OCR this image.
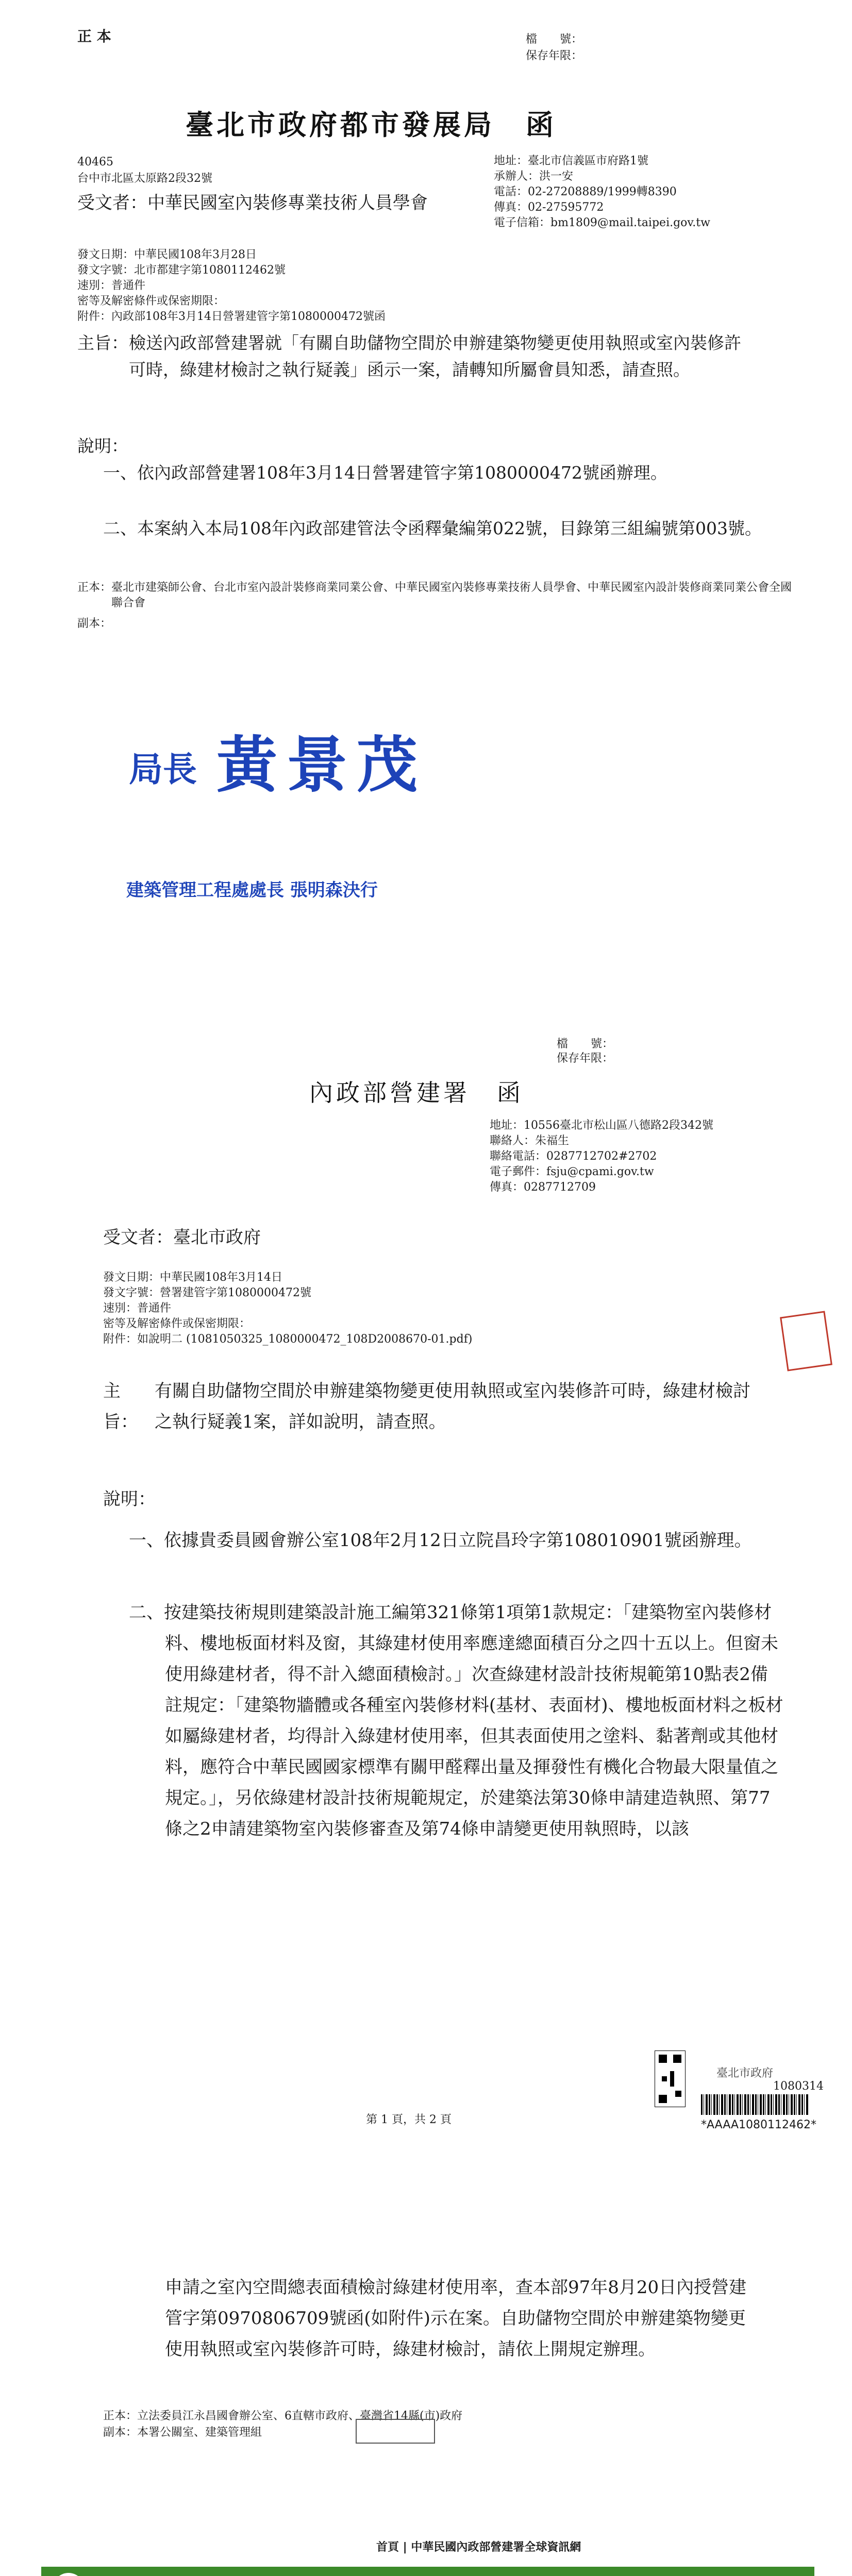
正 本	檔　　號：
保存年限：
臺北市政府都市發展局　函
40465
台中市北區太原路2段32號
地址：臺北市信義區市府路1號
承辦人：洪一安
電話：02-27208889/1999轉8390
傳真：02-27595772
電子信箱：bm1809@mail.taipei.gov.tw
受文者：中華民國室內裝修專業技術人員學會
發文日期：中華民國108年3月28日
發文字號：北市都建字第1080112462號
速別：普通件
密等及解密條件或保密期限：
附件：內政部108年3月14日營署建管字第1080000472號函
主旨： 檢送內政部營建署就「有關自助儲物空間於申辦建築物變更使用執照或室內裝修許可時，綠建材檢討之執行疑義」函示一案，請轉知所屬會員知悉，請查照。
說明：
一、依內政部營建署108年3月14日營署建管字第1080000472號函辦理。
二、本案納入本局108年內政部建管法令函釋彙編第022號，目錄第三組編號第003號。
正本：臺北市建築師公會、台北市室內設計裝修商業同業公會、中華民國室內裝修專業技術人員學會、中華民國室內設計裝修商業同業公會全國聯合會
副本：
局長 黃景茂
建築管理工程處處長 張明森決行
檔　　號：
保存年限：
內政部營建署　函
地址：10556臺北市松山區八德路2段342號
聯絡人：朱福生
聯絡電話：0287712702#2702
電子郵件：fsju@cpami.gov.tw
傳真：0287712709
受文者：臺北市政府
發文日期：中華民國108年3月14日
發文字號：營署建管字第1080000472號
速別：普通件
密等及解密條件或保密期限：
附件：如說明二 (1081050325_1080000472_108D2008670-01.pdf)
主旨：
有關自助儲物空間於申辦建築物變更使用執照或室內裝修許可時，綠建材檢討之執行疑義1案，詳如說明，請查照。
說明：
一、依據貴委員國會辦公室108年2月12日立院昌玲字第108010901號函辦理。
二、按建築技術規則建築設計施工編第321條第1項第1款規定：「建築物室內裝修材料、樓地板面材料及窗，其綠建材使用率應達總面積百分之四十五以上。但窗未使用綠建材者，得不計入總面積檢討。」次查綠建材設計技術規範第10點表2備註規定：「建築物牆體或各種室內裝修材料(基材、表面材)、樓地板面材料之板材如屬綠建材者，均得計入綠建材使用率，但其表面使用之塗料、黏著劑或其他材料，應符合中華民國國家標準有關甲醛釋出量及揮發性有機化合物最大限量值之規定。」，另依綠建材設計技術規範規定，於建築法第30條申請建造執照、第77條之2申請建築物室內裝修審查及第74條申請變更使用執照時，以該
臺北市政府
1080314
*AAAA1080112462*
第 1 頁，共 2 頁
申請之室內空間總表面積檢討綠建材使用率，查本部97年8月20日內授營建管字第0970806709號函(如附件)示在案。自助儲物空間於申辦建築物變更使用執照或室內裝修許可時，綠建材檢討，請依上開規定辦理。
正本：立法委員江永昌國會辦公室、6直轄市政府、臺灣省14縣(市)政府
副本：本署公關室、建築管理組
首頁 | 中華民國內政部營建署全球資訊網
